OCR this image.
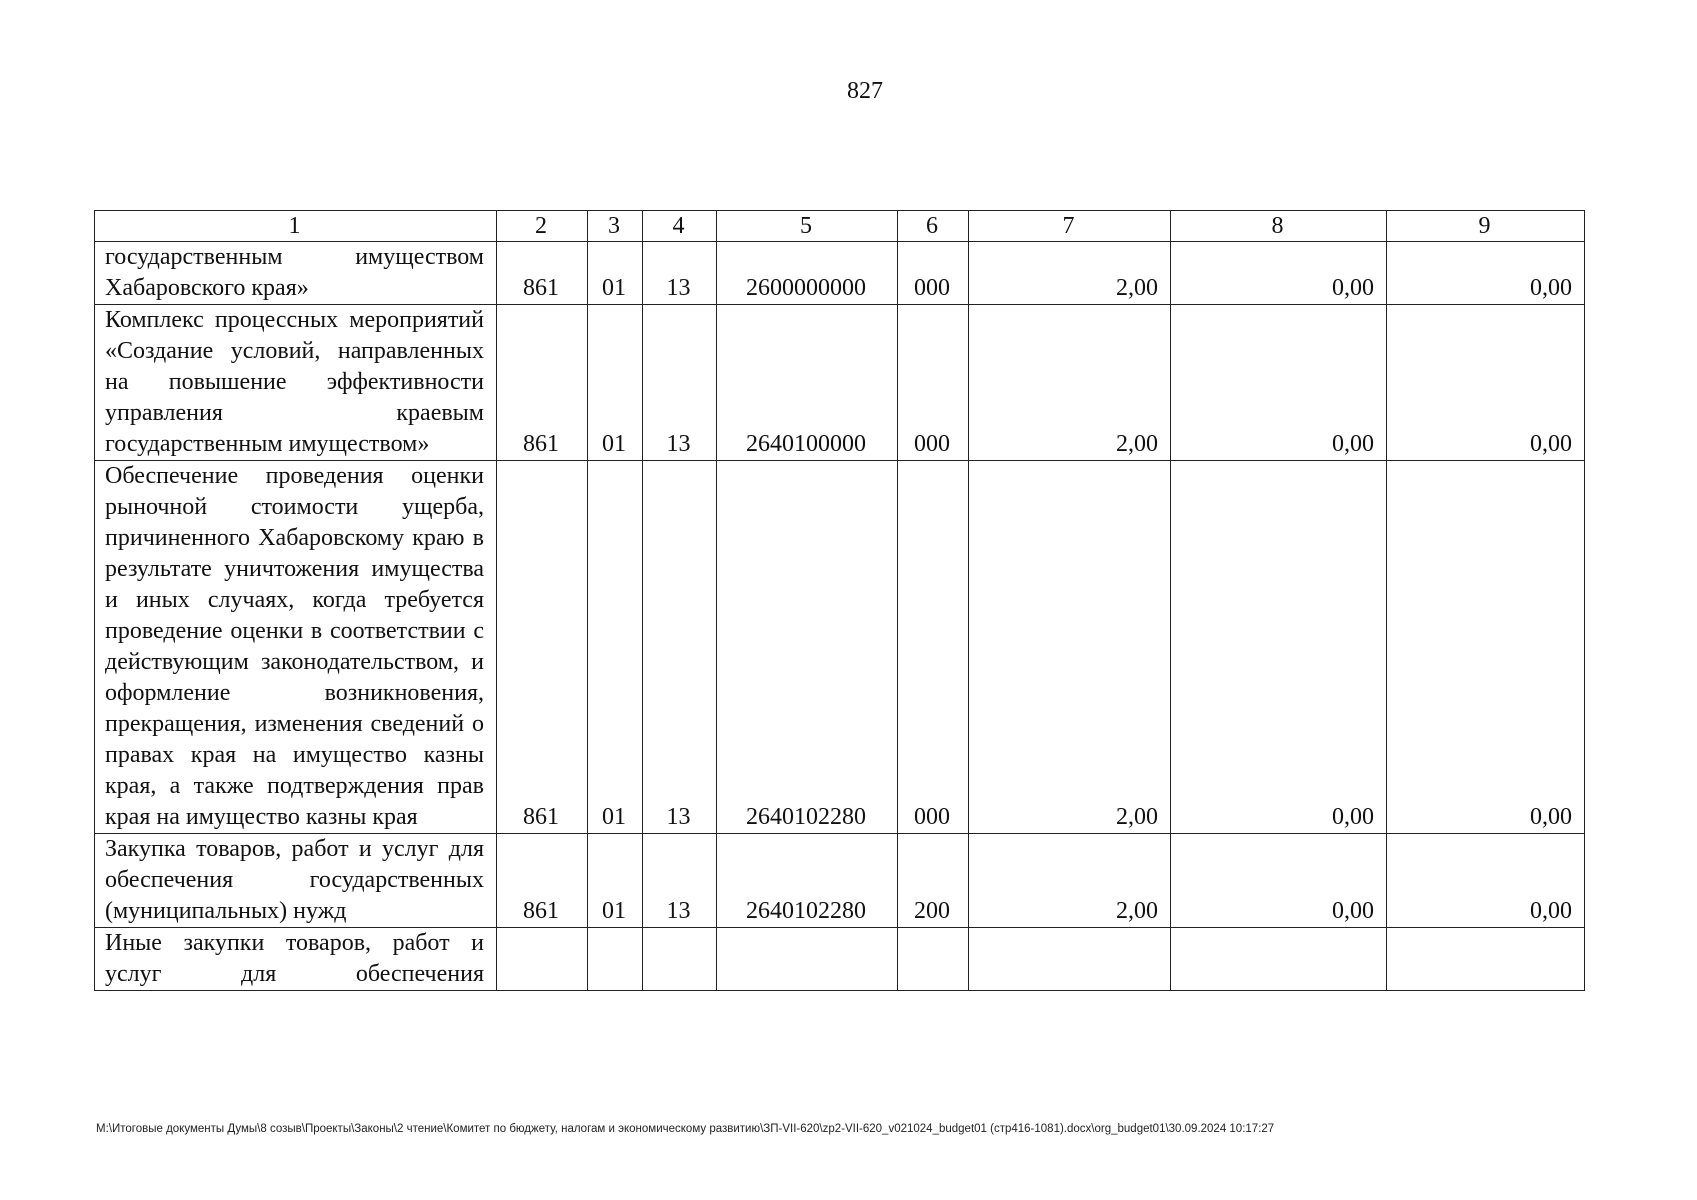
827
1	2	3	4	5	6	7	8	9
государственным имуществом Хабаровского края»	861	01	13	2600000000	000	2,00	0,00	0,00
Комплекс процессных мероприятий «Создание условий, направленных на повышение эффективности управления краевым государственным имуществом»	861	01	13	2640100000	000	2,00	0,00	0,00
Обеспечение проведения оценки рыночной стоимости ущерба, причиненного Хабаровскому краю в результате уничтожения имущества и иных случаях, когда требуется проведение оценки в соответствии с действующим законодательством, и оформление возникновения, прекращения, изменения сведений о правах края на имущество казны края, а также подтверждения прав края на имущество казны края	861	01	13	2640102280	000	2,00	0,00	0,00
Закупка товаров, работ и услуг для обеспечения государственных (муниципальных) нужд	861	01	13	2640102280	200	2,00	0,00	0,00
Иные закупки товаров, работ и услуг для обеспечения								
M:\Итоговые документы Думы\8 созыв\Проекты\Законы\2 чтение\Комитет по бюджету, налогам и экономическому развитию\ЗП-VII-620\zp2-VII-620_v021024_budget01 (стр416-1081).docx\org_budget01\30.09.2024 10:17:27
